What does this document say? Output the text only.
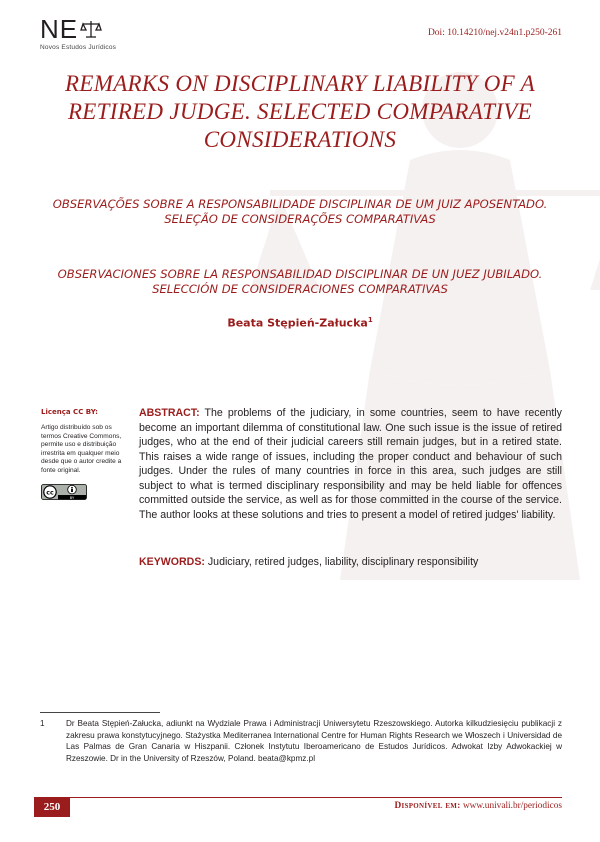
NE
Novos Estudos Jurídicos
Doi: 10.14210/nej.v24n1.p250-261
REMARKS ON DISCIPLINARY LIABILITY OF A RETIRED JUDGE. SELECTED COMPARATIVE CONSIDERATIONS
OBSERVAÇÕES SOBRE A RESPONSABILIDADE DISCIPLINAR DE UM JUIZ APOSENTADO. SELEÇÃO DE CONSIDERAÇÕES COMPARATIVAS
OBSERVACIONES SOBRE LA RESPONSABILIDAD DISCIPLINAR DE UN JUEZ JUBILADO. SELECCIÓN DE CONSIDERACIONES COMPARATIVAS
Beata Stępień-Załucka$^1$
Licença CC BY:
Artigo distribuído sob os termos Creative Commons, permite uso e distribuição irrestrita em qualquer meio desde que o autor credite a fonte original.
cc
BY
ABSTRACT: The problems of the judiciary, in some countries, seem to have recently become an important dilemma of constitutional law. One such issue is the issue of retired judges, who at the end of their judicial careers still remain judges, but in a retired state. This raises a wide range of issues, including the proper conduct and behaviour of such judges. Under the rules of many countries in force in this area, such judges are still subject to what is termed disciplinary responsibility and may be held liable for offences committed outside the service, as well as for those committed in the course of the service. The author looks at these solutions and tries to present a model of retired judges' liability.
KEYWORDS: Judiciary, retired judges, liability, disciplinary responsibility
1	Dr Beata Stępień-Załucka, adiunkt na Wydziale Prawa i Administracji Uniwersytetu Rzeszowskiego. Autorka kilkudziesięciu publikacji z zakresu prawa konstytucyjnego. Stażystka Mediterranea International Centre for Human Rights Research we Włoszech i Universidad de Las Palmas de Gran Canaria w Hiszpanii. Członek Instytutu Iberoamericano de Estudos Jurídicos. Adwokat Izby Adwokackiej w Rzeszowie. Dr in the University of Rzeszów, Poland. beata@kpmz.pl
250	Disponível em: www.univali.br/periodicos
